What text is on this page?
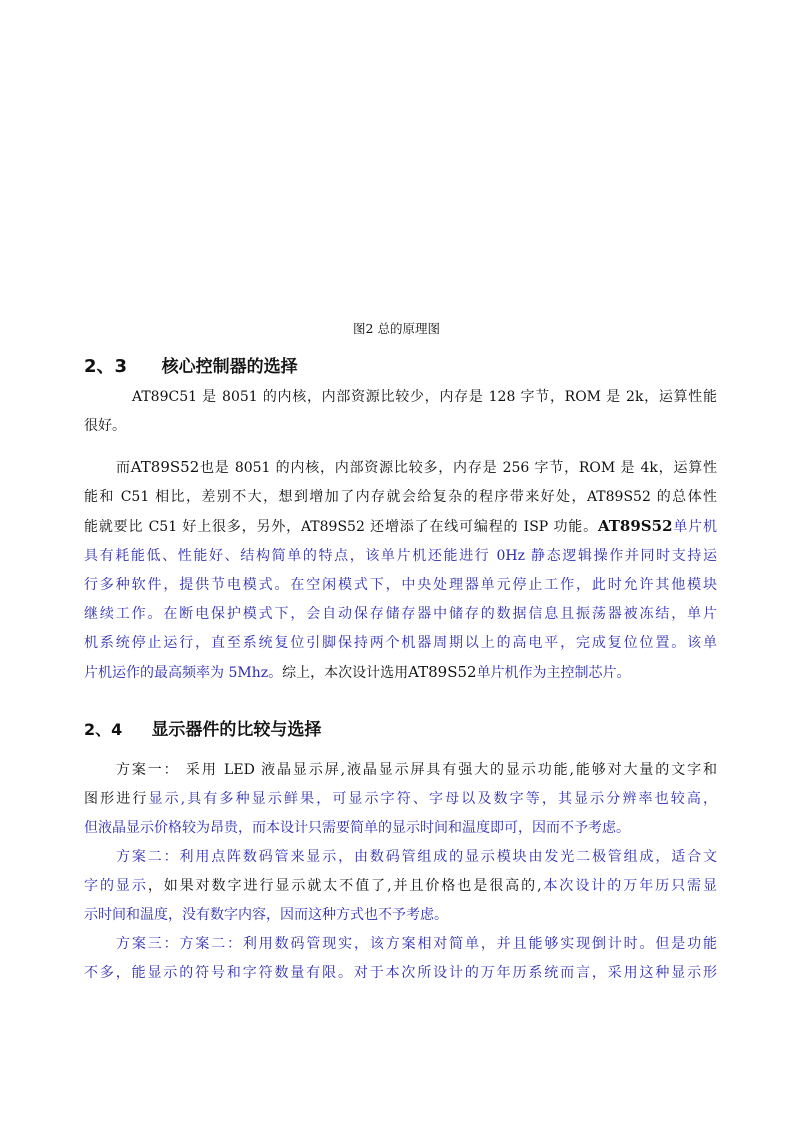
图2 总的原理图
2、3 核心控制器的选择
AT89C51 是 8051 的内核，内部资源比较少，内存是 128 字节，ROM 是 2k，运算性能
很好。
而AT89S52也是 8051 的内核，内部资源比较多，内存是 256 字节，ROM 是 4k，运算性
能和 C51 相比，差别不大，想到增加了内存就会给复杂的程序带来好处，AT89S52 的总体性
能就要比 C51 好上很多，另外，AT89S52 还增添了在线可编程的 ISP 功能。AT89S52单片机
具有耗能低、性能好、结构简单的特点，该单片机还能进行 0Hz 静态逻辑操作并同时支持运
行多种软件，提供节电模式。在空闲模式下，中央处理器单元停止工作，此时允许其他模块
继续工作。在断电保护模式下，会自动保存储存器中储存的数据信息且振荡器被冻结，单片
机系统停止运行，直至系统复位引脚保持两个机器周期以上的高电平，完成复位位置。该单
片机运作的最高频率为 5Mhz。综上，本次设计选用AT89S52单片机作为主控制芯片。
2、4 显示器件的比较与选择
方案一： 采用 LED 液晶显示屏,液晶显示屏具有强大的显示功能,能够对大量的文字和
图形进行显示,具有多种显示鲜果，可显示字符、字母以及数字等，其显示分辨率也较高，
但液晶显示价格较为昂贵，而本设计只需要简单的显示时间和温度即可，因而不予考虑。
方案二：利用点阵数码管来显示，由数码管组成的显示模块由发光二极管组成，适合文
字的显示，如果对数字进行显示就太不值了,并且价格也是很高的,本次设计的万年历只需显
示时间和温度，没有数字内容，因而这种方式也不予考虑。
方案三：方案二：利用数码管现实，该方案相对简单，并且能够实现倒计时。但是功能
不多，能显示的符号和字符数量有限。对于本次所设计的万年历系统而言，采用这种显示形
